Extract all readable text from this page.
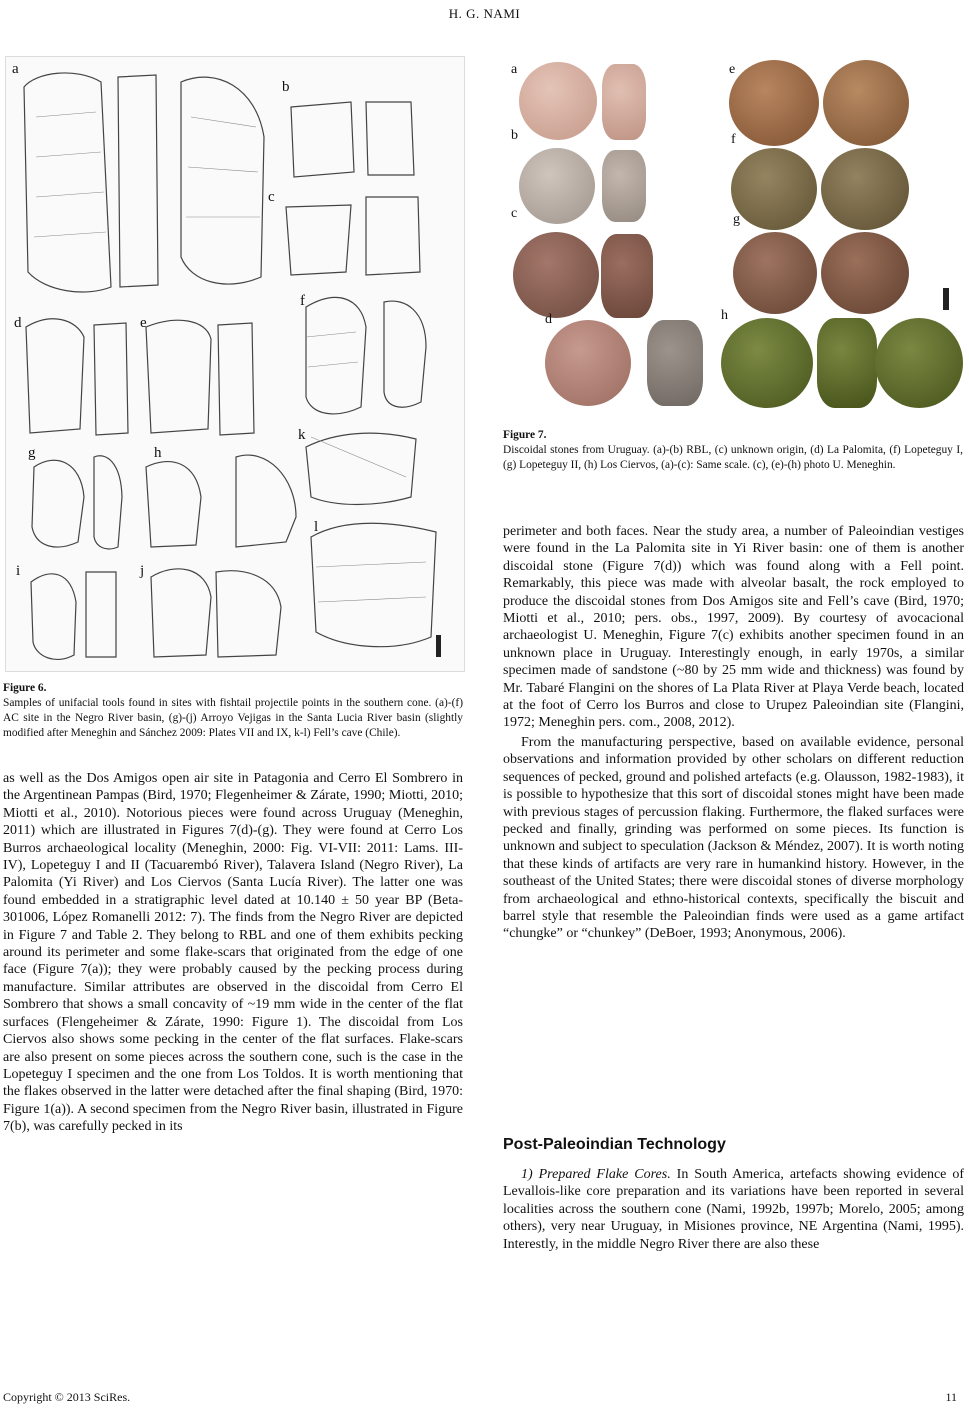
H. G. NAMI
a
b
c
d	e
f
g	h
i	j
k
l
Figure 6.
Samples of unifacial tools found in sites with fishtail projectile points in the southern cone. (a)-(f) AC site in the Negro River basin, (g)-(j) Arroyo Vejigas in the Santa Lucia River basin (slightly modified after Meneghin and Sánchez 2009: Plates VII and IX, k-l) Fell’s cave (Chile).
a
b
c
d
e
f
g
h
Figure 7.
Discoidal stones from Uruguay. (a)-(b) RBL, (c) unknown origin, (d) La Palomita, (f) Lopeteguy I, (g) Lopeteguy II, (h) Los Ciervos, (a)-(c): Same scale. (c), (e)-(h) photo U. Meneghin.

as well as the Dos Amigos open air site in Patagonia and Cerro El Sombrero in the Argentinean Pampas (Bird, 1970; Flegenheimer & Zárate, 1990; Miotti, 2010; Miotti et al., 2010). Notorious pieces were found across Uruguay (Meneghin, 2011) which are illustrated in Figures 7(d)-(g). They were found at Cerro Los Burros archaeological locality (Meneghin, 2000: Fig. VI-VII: 2011: Lams. III-IV), Lopeteguy I and II (Tacuarembó River), Talavera Island (Negro River), La Palomita (Yi River) and Los Ciervos (Santa Lucía River). The latter one was found embedded in a stratigraphic level dated at 10.140 ± 50 year BP (Beta-301006, López Romanelli 2012: 7). The finds from the Negro River are depicted in Figure 7 and Table 2. They belong to RBL and one of them exhibits pecking around its perimeter and some flake-scars that originated from the edge of one face (Figure 7(a)); they were probably caused by the pecking process during manufacture. Similar attributes are observed in the discoidal from Cerro El Sombrero that shows a small concavity of ~19 mm wide in the center of the flat surfaces (Flengeheimer & Zárate, 1990: Figure 1). The discoidal from Los Ciervos also shows some pecking in the center of the flat surfaces. Flake-scars are also present on some pieces across the southern cone, such is the case in the Lopeteguy I specimen and the one from Los Toldos. It is worth mentioning that the flakes observed in the latter were detached after the final shaping (Bird, 1970: Figure 1(a)). A second specimen from the Negro River basin, illustrated in Figure 7(b), was carefully pecked in its

perimeter and both faces. Near the study area, a number of Paleoindian vestiges were found in the La Palomita site in Yi River basin: one of them is another discoidal stone (Figure 7(d)) which was found along with a Fell point. Remarkably, this piece was made with alveolar basalt, the rock employed to produce the discoidal stones from Dos Amigos site and Fell’s cave (Bird, 1970; Miotti et al., 2010; pers. obs., 1997, 2009). By courtesy of avocacional archaeologist U. Meneghin, Figure 7(c) exhibits another specimen found in an unknown place in Uruguay. Interestingly enough, in early 1970s, a similar specimen made of sandstone (~80 by 25 mm wide and thickness) was found by Mr. Tabaré Flangini on the shores of La Plata River at Playa Verde beach, located at the foot of Cerro los Burros and close to Urupez Paleoindian site (Flangini, 1972; Meneghin pers. com., 2008, 2012).

From the manufacturing perspective, based on available evidence, personal observations and information provided by other scholars on different reduction sequences of pecked, ground and polished artefacts (e.g. Olausson, 1982-1983), it is possible to hypothesize that this sort of discoidal stones might have been made with previous stages of percussion flaking. Furthermore, the flaked surfaces were pecked and finally, grinding was performed on some pieces. Its function is unknown and subject to speculation (Jackson & Méndez, 2007). It is worth noting that these kinds of artifacts are very rare in humankind history. However, in the southeast of the United States; there were discoidal stones of diverse morphology from archaeological and ethno-historical contexts, specifically the biscuit and barrel style that resemble the Paleoindian finds were used as a game artifact “chungke” or “chunkey” (DeBoer, 1993; Anonymous, 2006).

Post-Paleoindian Technology

1) Prepared Flake Cores. In South America, artefacts showing evidence of Levallois-like core preparation and its variations have been reported in several localities across the southern cone (Nami, 1992b, 1997b; Morelo, 2005; among others), very near Uruguay, in Misiones province, NE Argentina (Nami, 1995). Interestly, in the middle Negro River there are also these

Copyright © 2013 SciRes.	11
